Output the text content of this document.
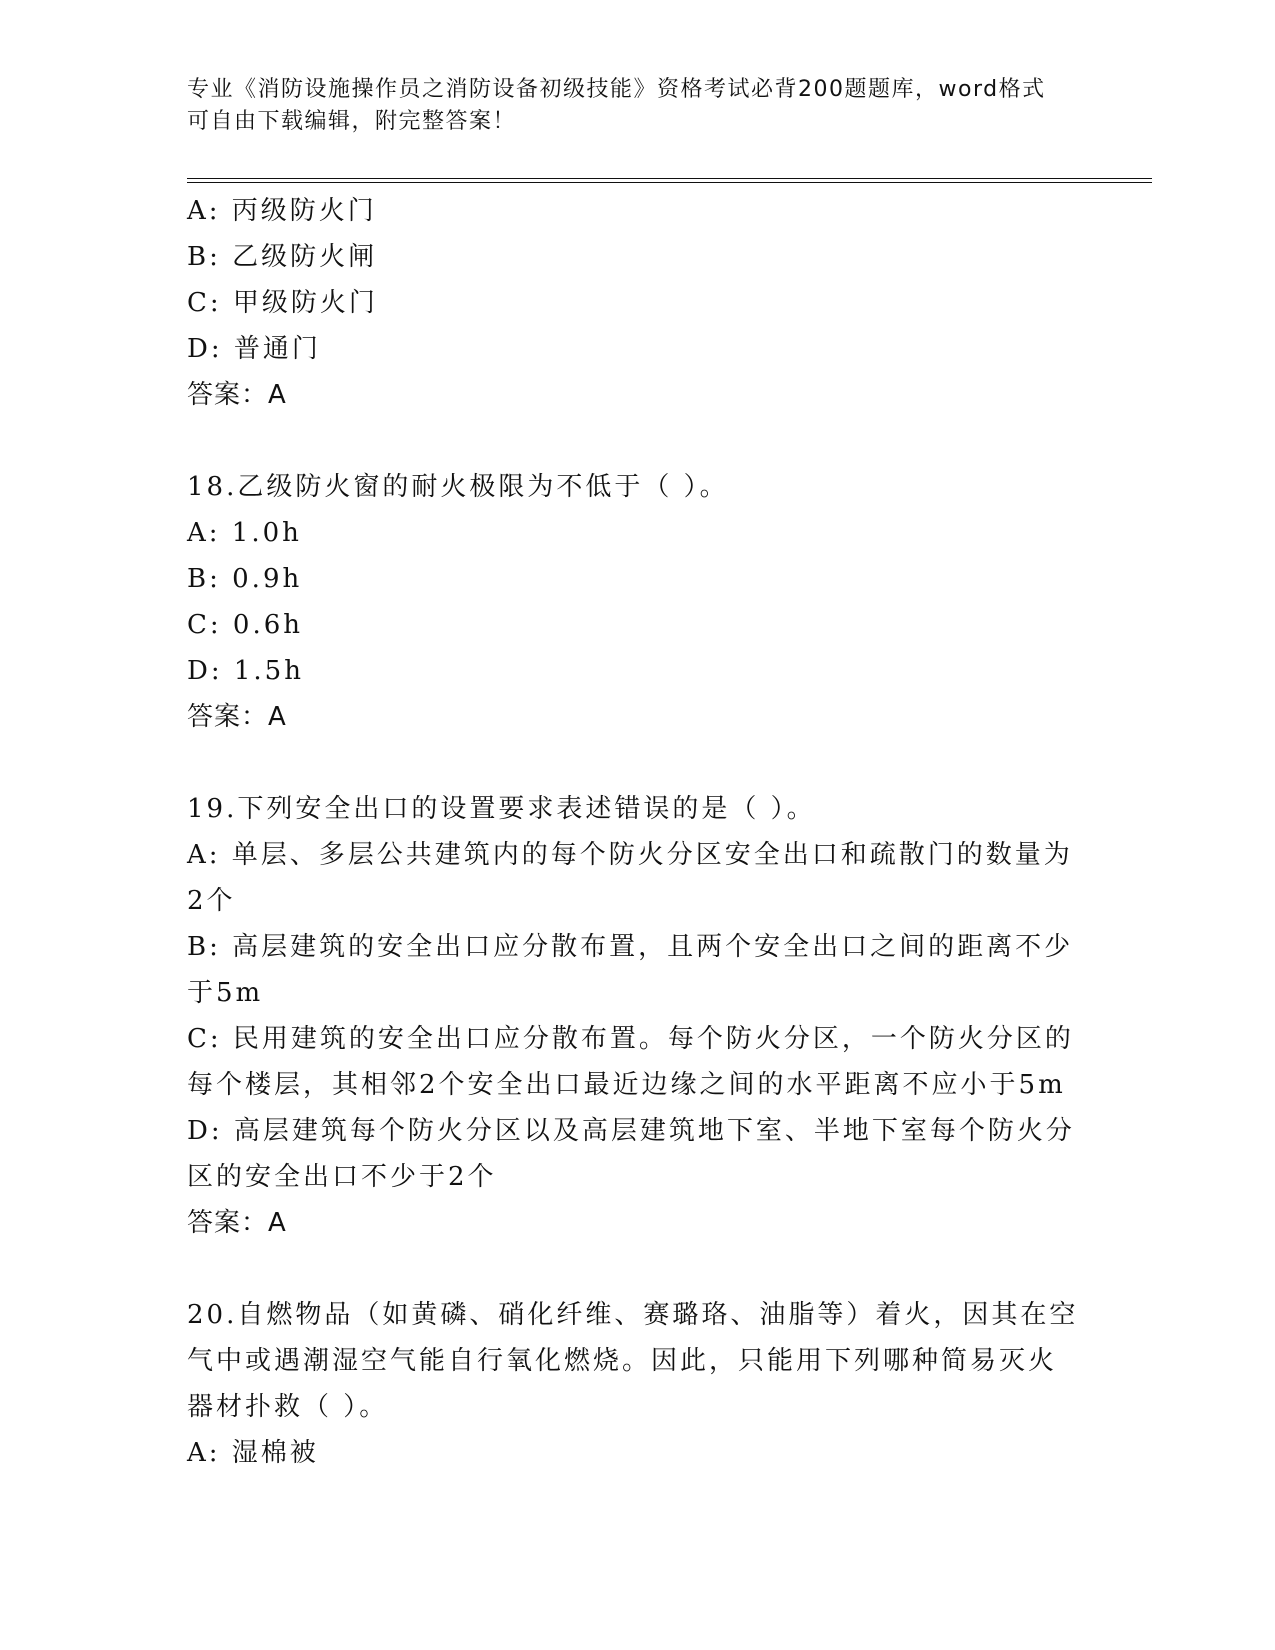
专业《消防设施操作员之消防设备初级技能》资格考试必背200题题库，word格式可自由下载编辑，附完整答案！
A: 丙级防火门
B: 乙级防火闸
C: 甲级防火门
D: 普通门
答案：A
18.乙级防火窗的耐火极限为不低于（ ）。
A: 1.0h
B: 0.9h
C: 0.6h
D: 1.5h
答案：A
19.下列安全出口的设置要求表述错误的是（ ）。
A: 单层、多层公共建筑内的每个防火分区安全出口和疏散门的数量为
2个
B: 高层建筑的安全出口应分散布置，且两个安全出口之间的距离不少
于5m
C: 民用建筑的安全出口应分散布置。每个防火分区，一个防火分区的
每个楼层，其相邻2个安全出口最近边缘之间的水平距离不应小于5m
D: 高层建筑每个防火分区以及高层建筑地下室、半地下室每个防火分
区的安全出口不少于2个
答案：A
20.自燃物品（如黄磷、硝化纤维、赛璐珞、油脂等）着火，因其在空
气中或遇潮湿空气能自行氧化燃烧。因此，只能用下列哪种简易灭火
器材扑救（ ）。
A: 湿棉被
